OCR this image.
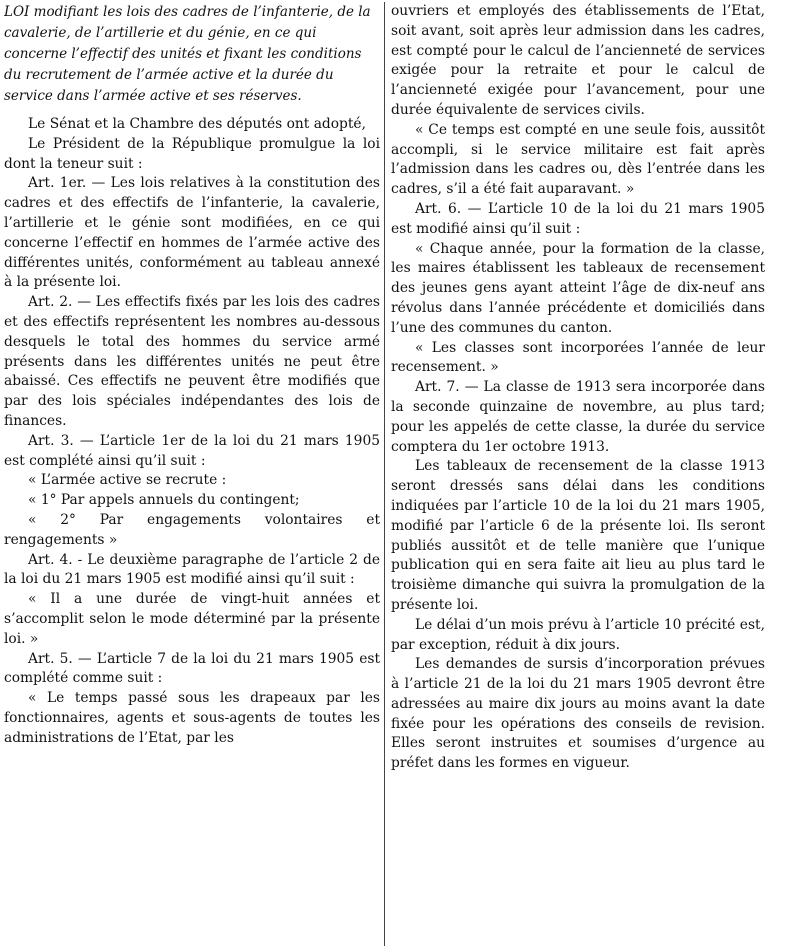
LOI modifiant les lois des cadres de l’infanterie, de la cavalerie, de l’artillerie et du génie, en ce qui concerne l’effectif des unités et fixant les conditions du recrutement de l’armée active et la durée du service dans l’armée active et ses réserves.

Le Sénat et la Chambre des députés ont adopté,

Le Président de la République promulgue la loi dont la teneur suit :

Art. 1er. — Les lois relatives à la constitution des cadres et des effectifs de l’infanterie, la cavalerie, l’artillerie et le génie sont modifiées, en ce qui concerne l’effectif en hommes de l’armée active des différentes unités, conformément au tableau annexé à la présente loi.

Art. 2. — Les effectifs fixés par les lois des cadres et des effectifs représentent les nombres au-dessous desquels le total des hommes du service armé présents dans les différentes unités ne peut être abaissé. Ces effectifs ne peuvent être modifiés que par des lois spéciales indépendantes des lois de finances.

Art. 3. — L’article 1er de la loi du 21 mars 1905 est complété ainsi qu’il suit :

« L’armée active se recrute :

« 1° Par appels annuels du contingent;

« 2° Par engagements volontaires et rengagements »

Art. 4. - Le deuxième paragraphe de l’article 2 de la loi du 21 mars 1905 est modifié ainsi qu’il suit :

« Il a une durée de vingt-huit années et s’accomplit selon le mode déterminé par la présente loi. »

Art. 5. — L’article 7 de la loi du 21 mars 1905 est complété comme suit :

« Le temps passé sous les drapeaux par les fonctionnaires, agents et sous-agents de toutes les administrations de l’Etat, par les

ouvriers et employés des établissements de l’Etat, soit avant, soit après leur admission dans les cadres, est compté pour le calcul de l’ancienneté de services exigée pour la retraite et pour le calcul de l’ancienneté exigée pour l’avancement, pour une durée équivalente de services civils.

« Ce temps est compté en une seule fois, aussitôt accompli, si le service militaire est fait après l’admission dans les cadres ou, dès l’entrée dans les cadres, s’il a été fait auparavant. »

Art. 6. — L’article 10 de la loi du 21 mars 1905 est modifié ainsi qu’il suit :

« Chaque année, pour la formation de la classe, les maires établissent les tableaux de recensement des jeunes gens ayant atteint l’âge de dix-neuf ans révolus dans l’année précédente et domiciliés dans l’une des communes du canton.

« Les classes sont incorporées l’année de leur recensement. »

Art. 7. — La classe de 1913 sera incorporée dans la seconde quinzaine de novembre, au plus tard; pour les appelés de cette classe, la durée du service comptera du 1er octobre 1913.

Les tableaux de recensement de la classe 1913 seront dressés sans délai dans les conditions indiquées par l’article 10 de la loi du 21 mars 1905, modifié par l’article 6 de la présente loi. Ils seront publiés aussitôt et de telle manière que l’unique publication qui en sera faite ait lieu au plus tard le troisième dimanche qui suivra la promulgation de la présente loi.

Le délai d’un mois prévu à l’article 10 précité est, par exception, réduit à dix jours.

Les demandes de sursis d’incorporation prévues à l’article 21 de la loi du 21 mars 1905 devront être adressées au maire dix jours au moins avant la date fixée pour les opérations des conseils de revision. Elles seront instruites et soumises d’urgence au préfet dans les formes en vigueur.
